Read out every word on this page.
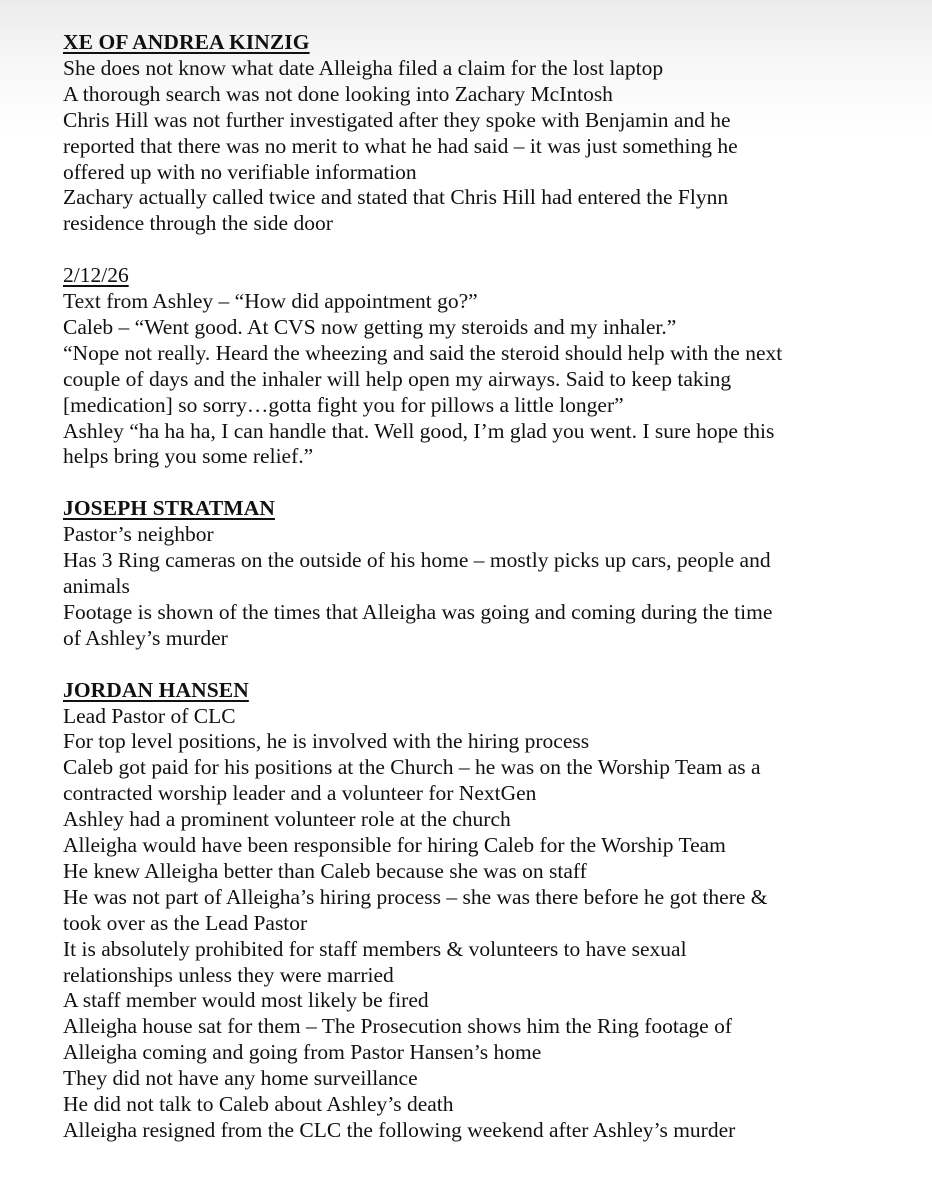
XE OF ANDREA KINZIG
She does not know what date Alleigha filed a claim for the lost laptop
A thorough search was not done looking into Zachary McIntosh
Chris Hill was not further investigated after they spoke with Benjamin and he
reported that there was no merit to what he had said – it was just something he
offered up with no verifiable information
Zachary actually called twice and stated that Chris Hill had entered the Flynn
residence through the side door
2/12/26
Text from Ashley – “How did appointment go?”
Caleb – “Went good. At CVS now getting my steroids and my inhaler.”
“Nope not really. Heard the wheezing and said the steroid should help with the next
couple of days and the inhaler will help open my airways. Said to keep taking
[medication] so sorry…gotta fight you for pillows a little longer”
Ashley “ha ha ha, I can handle that. Well good, I’m glad you went. I sure hope this
helps bring you some relief.”
JOSEPH STRATMAN
Pastor’s neighbor
Has 3 Ring cameras on the outside of his home – mostly picks up cars, people and
animals
Footage is shown of the times that Alleigha was going and coming during the time
of Ashley’s murder
JORDAN HANSEN
Lead Pastor of CLC
For top level positions, he is involved with the hiring process
Caleb got paid for his positions at the Church – he was on the Worship Team as a
contracted worship leader and a volunteer for NextGen
Ashley had a prominent volunteer role at the church
Alleigha would have been responsible for hiring Caleb for the Worship Team
He knew Alleigha better than Caleb because she was on staff
He was not part of Alleigha’s hiring process – she was there before he got there &
took over as the Lead Pastor
It is absolutely prohibited for staff members & volunteers to have sexual
relationships unless they were married
A staff member would most likely be fired
Alleigha house sat for them – The Prosecution shows him the Ring footage of
Alleigha coming and going from Pastor Hansen’s home
They did not have any home surveillance
He did not talk to Caleb about Ashley’s death
Alleigha resigned from the CLC the following weekend after Ashley’s murder
